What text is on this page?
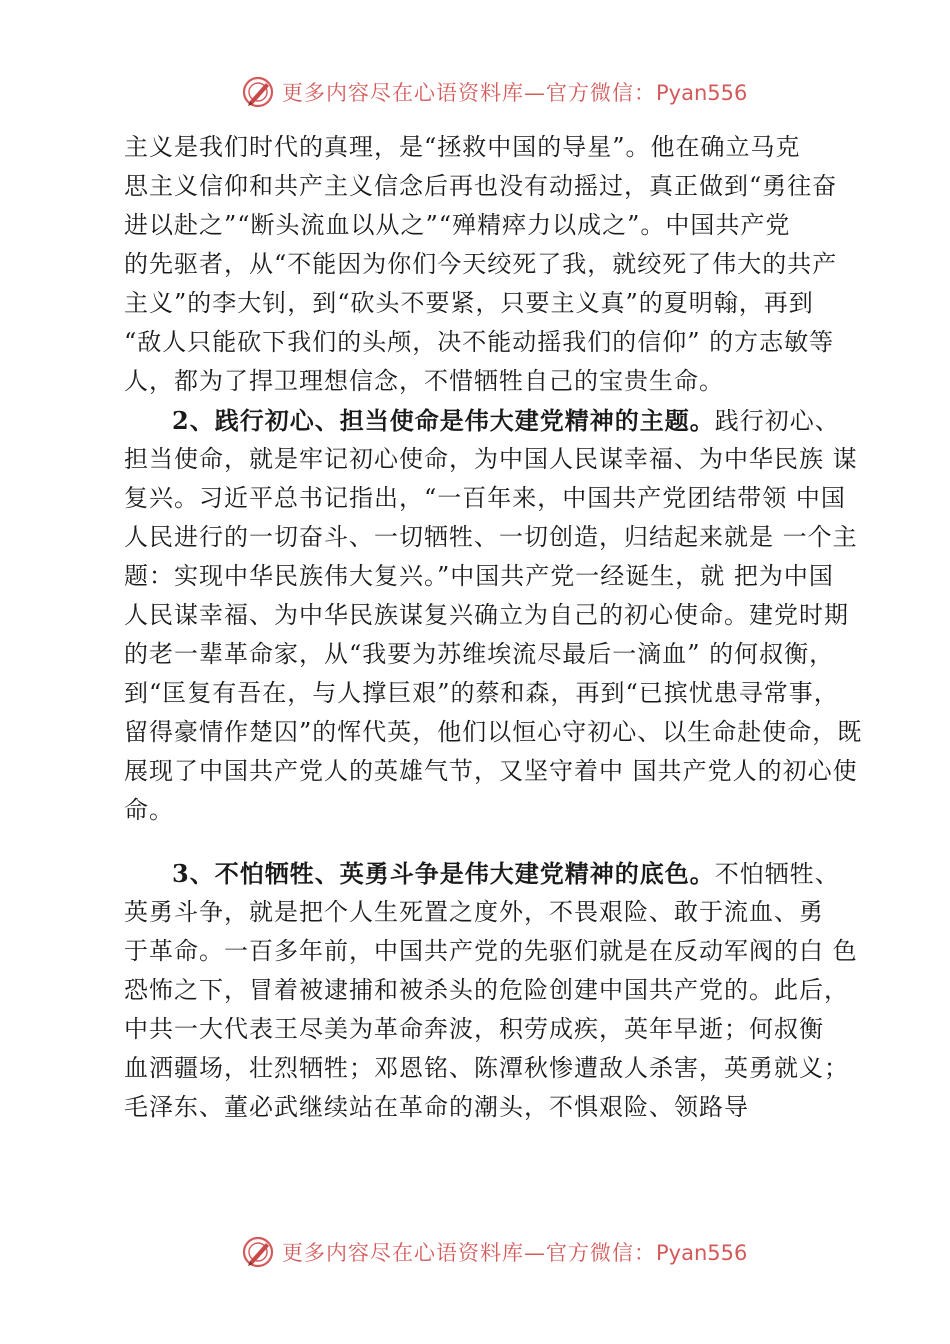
更多内容尽在心语资料库—官方微信：Pyan556
主义是我们时代的真理，是“拯救中国的导星”。他在确立马克
思主义信仰和共产主义信念后再也没有动摇过，真正做到“勇往奋
进以赴之”“断头流血以从之”“殚精瘁力以成之”。中国共产党
的先驱者，从“不能因为你们今天绞死了我，就绞死了伟大的共产
主义”的李大钊，到“砍头不要紧，只要主义真”的夏明翰，再到
“敌人只能砍下我们的头颅，决不能动摇我们的信仰” 的方志敏等
人，都为了捍卫理想信念，不惜牺牲自己的宝贵生命。
2、践行初心、担当使命是伟大建党精神的主题。践行初心、
担当使命，就是牢记初心使命，为中国人民谋幸福、为中华民族 谋
复兴。习近平总书记指出，“一百年来，中国共产党团结带领 中国
人民进行的一切奋斗、一切牺牲、一切创造，归结起来就是 一个主
题：实现中华民族伟大复兴。”中国共产党一经诞生，就 把为中国
人民谋幸福、为中华民族谋复兴确立为自己的初心使命。建党时期
的老一辈革命家，从“我要为苏维埃流尽最后一滴血” 的何叔衡，
到“匡复有吾在，与人撑巨艰”的蔡和森，再到“已摈忧患寻常事，
留得豪情作楚囚”的恽代英，他们以恒心守初心、以生命赴使命，既
展现了中国共产党人的英雄气节，又坚守着中 国共产党人的初心使
命。
3、不怕牺牲、英勇斗争是伟大建党精神的底色。不怕牺牲、
英勇斗争，就是把个人生死置之度外，不畏艰险、敢于流血、勇
于革命。一百多年前，中国共产党的先驱们就是在反动军阀的白 色
恐怖之下，冒着被逮捕和被杀头的危险创建中国共产党的。此后，
中共一大代表王尽美为革命奔波，积劳成疾，英年早逝；何叔衡
血洒疆场，壮烈牺牲；邓恩铭、陈潭秋惨遭敌人杀害，英勇就义；
毛泽东、董必武继续站在革命的潮头，不惧艰险、领路导
更多内容尽在心语资料库—官方微信：Pyan556
